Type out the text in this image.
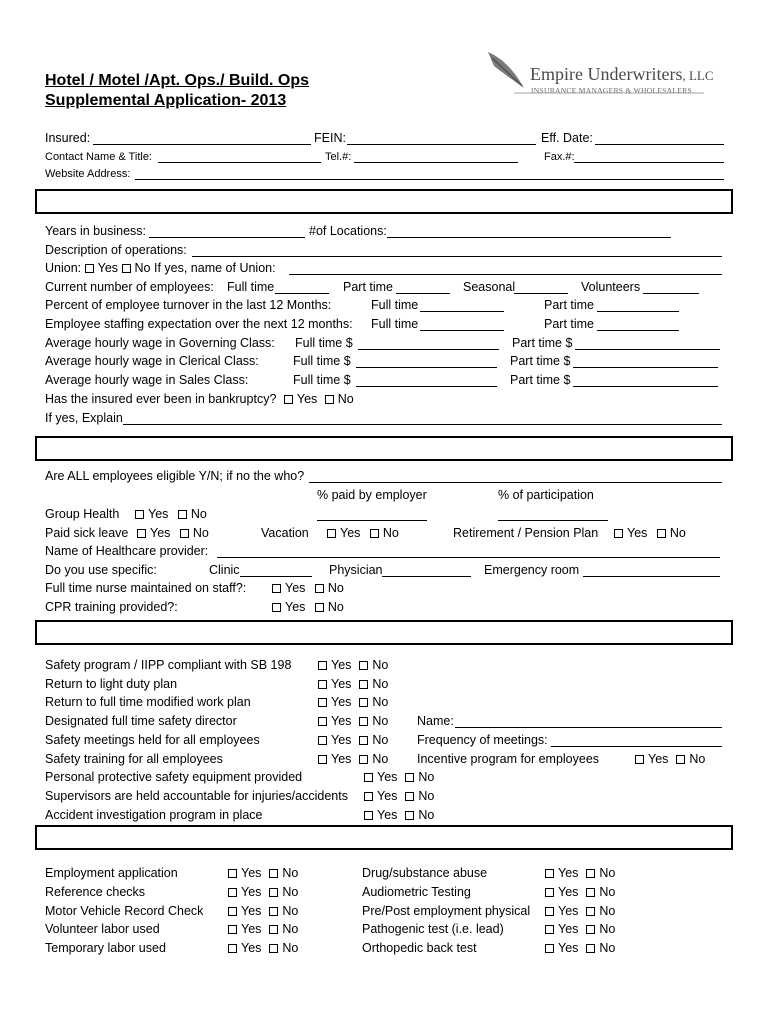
Hotel / Motel /Apt. Ops./ Build. Ops
Supplemental Application- 2013
Empire Underwriters, LLC
INSURANCE MANAGERS & WHOLESALERS
Insured:	FEIN:	Eff. Date:
Contact Name & Title:	Tel.#:	Fax.#:
Website Address:
Years in business:	#of Locations:
Description of operations:
Union: Yes No If yes, name of Union:
Current number of employees: Full time	Part time	Seasonal	Volunteers
Percent of employee turnover in the last 12 Months:	Full time	Part time
Employee staffing expectation over the next 12 months: Full time	Part time
Average hourly wage in Governing Class: Full time $	Part time $
Average hourly wage in Clerical Class:	Full time $	Part time $
Average hourly wage in Sales Class:	Full time $	Part time $
Has the insured ever been in bankruptcy? Yes No
If yes, Explain
Are ALL employees eligible Y/N; if no the who?
% paid by employer	% of participation
Group Health	Yes No
Paid sick leave	Yes No	Vacation	Yes No	Retirement / Pension Plan	Yes No
Name of Healthcare provider:
Do you use specific:	Clinic	Physician	Emergency room
Full time nurse maintained on staff?:	Yes No
CPR training provided?:	Yes No
Safety program / IIPP compliant with SB 198	Yes No
Return to light duty plan	Yes No
Return to full time modified work plan	Yes No
Designated full time safety director	Yes No Name:
Safety meetings held for all employees	Yes No Frequency of meetings:
Safety training for all employees	Yes No Incentive program for employees	Yes No
Personal protective safety equipment provided	Yes No
Supervisors are held accountable for injuries/accidents	Yes No
Accident investigation program in place	Yes No
Employment application	Yes No	Drug/substance abuse	Yes No
Reference checks	Yes No	Audiometric Testing	Yes No
Motor Vehicle Record Check	Yes No	Pre/Post employment physical	Yes No
Volunteer labor used	Yes No	Pathogenic test (i.e. lead)	Yes No
Temporary labor used	Yes No	Orthopedic back test	Yes No
